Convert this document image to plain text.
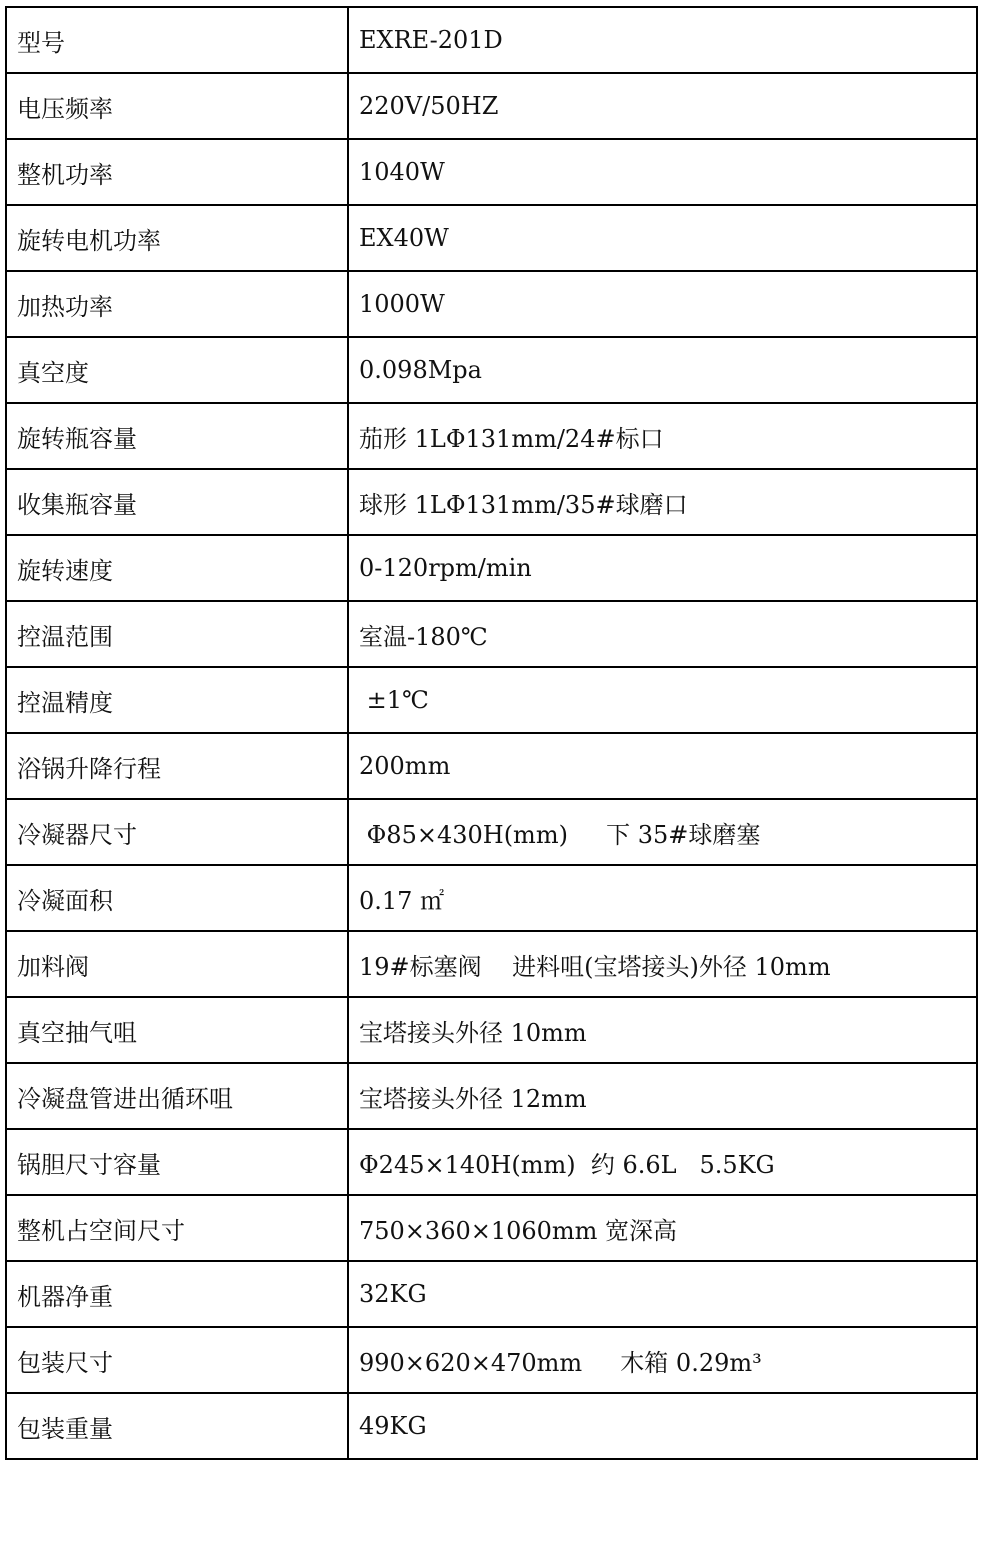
型号	EXRE-201D
电压频率	220V/50HZ
整机功率	1040W
旋转电机功率	EX40W
加热功率	1000W
真空度	0.098Mpa
旋转瓶容量	茄形 1LΦ131mm/24#标口
收集瓶容量	球形 1LΦ131mm/35#球磨口
旋转速度	0-120rpm/min
控温范围	室温-180℃
控温精度	±1℃
浴锅升降行程	200mm
冷凝器尺寸	Φ85×430H(mm)     下 35#球磨塞
冷凝面积	0.17 ㎡
加料阀	19#标塞阀    进料咀(宝塔接头)外径 10mm
真空抽气咀	宝塔接头外径 10mm
冷凝盘管进出循环咀	宝塔接头外径 12mm
锅胆尺寸容量	Φ245×140H(mm)  约 6.6L   5.5KG
整机占空间尺寸	750×360×1060mm 宽深高
机器净重	32KG
包装尺寸	990×620×470mm     木箱 0.29m³
包装重量	49KG
